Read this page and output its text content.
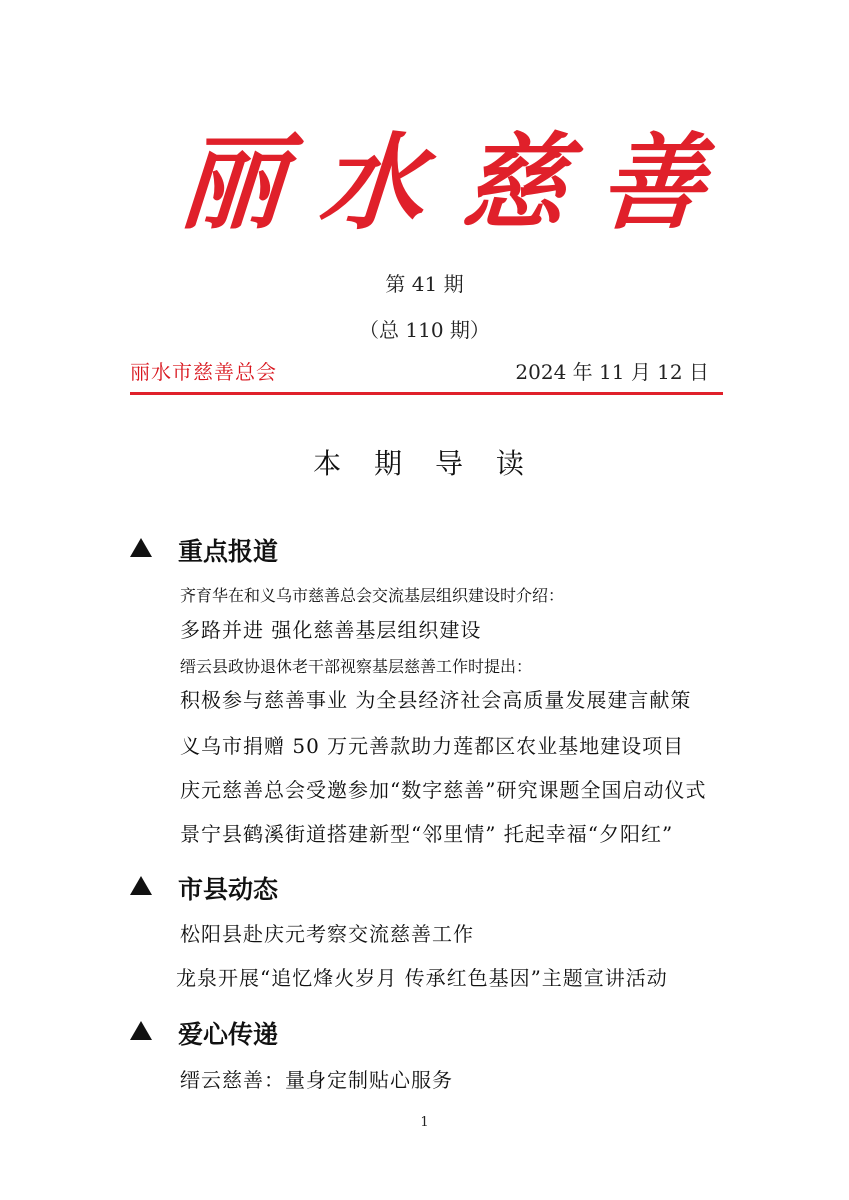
丽 水 慈 善
第 41 期
（总 110 期）
丽水市慈善总会	2024 年 11 月 12 日
本 期 导 读
重点报道
齐育华在和义乌市慈善总会交流基层组织建设时介绍：
多路并进 强化慈善基层组织建设
缙云县政协退休老干部视察基层慈善工作时提出：
积极参与慈善事业 为全县经济社会高质量发展建言献策
义乌市捐赠 50 万元善款助力莲都区农业基地建设项目
庆元慈善总会受邀参加“数字慈善”研究课题全国启动仪式
景宁县鹤溪街道搭建新型“邻里情” 托起幸福“夕阳红”
市县动态
松阳县赴庆元考察交流慈善工作
龙泉开展“追忆烽火岁月 传承红色基因”主题宣讲活动
爱心传递
缙云慈善：量身定制贴心服务
1
